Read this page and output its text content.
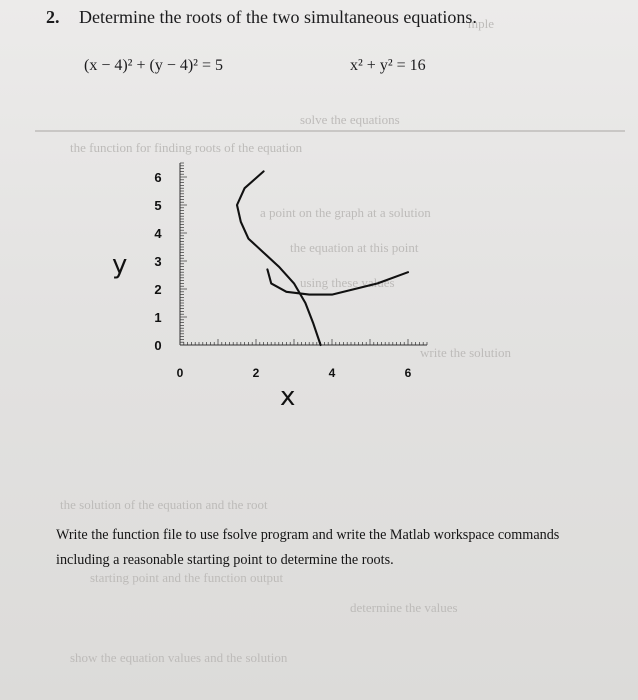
mple
solve the equations
the function for finding roots of the equation
a point on the graph at a solution
the equation at this point
using these values
write the solution
the solution of the equation and the root
starting point and the function output
determine the values
show the equation values and the solution
2. Determine the roots of the two simultaneous equations.
(x − 4)² + (y − 4)² = 5	x² + y² = 16
0
1
2
3
4
5
6
0	2	4	6
y
x
Write the function file to use fsolve program and write the Matlab workspace commands
including a reasonable starting point to determine the roots.
